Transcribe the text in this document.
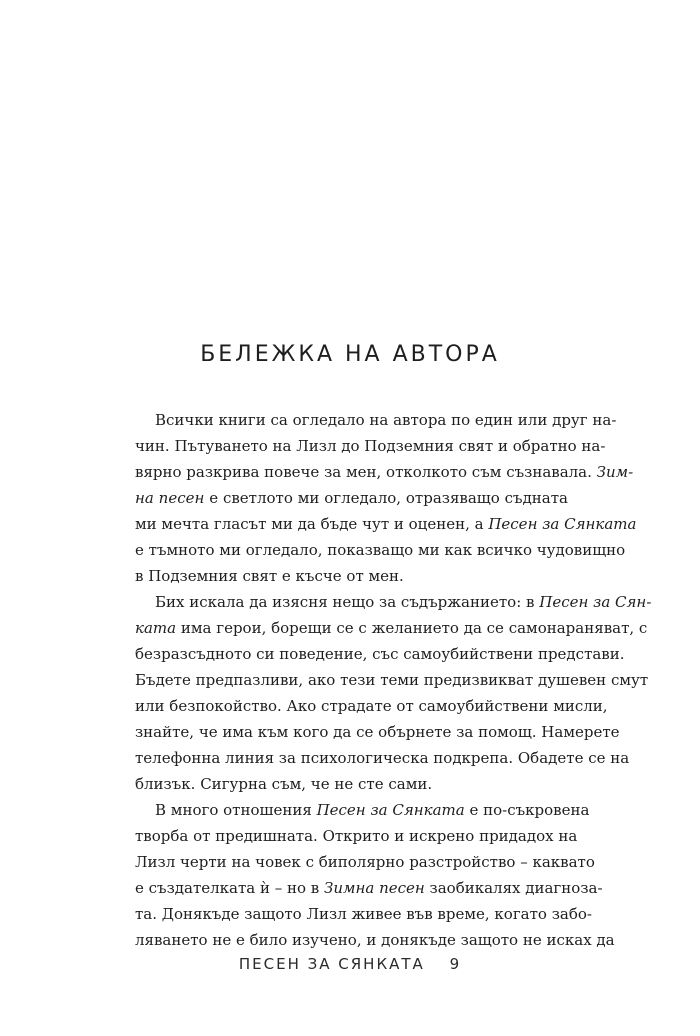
БЕЛЕЖКА НА АВТОРА
Всички книги са огледало на автора по един или друг на-
чин. Пътуването на Лизл до Подземния свят и обратно на-
вярно разкрива повече за мен, отколкото съм съзнавала. Зим-
на песен е светлото ми огледало, отразяващо съдната
ми мечта гласът ми да бъде чут и оценен, а Песен за Сянката
е тъмното ми огледало, показващо ми как всичко чудовищно
в Подземния свят е късче от мен.
Бих искала да изясня нещо за съдържанието: в Песен за Сян-
ката има герои, борещи се с желанието да се самонараняват, с
безразсъдното си поведение, със самоубийствени представи.
Бъдете предпазливи, ако тези теми предизвикват душевен смут
или безпокойство. Ако страдате от самоубийствени мисли,
знайте, че има към кого да се обърнете за помощ. Намерете
телефонна линия за психологическа подкрепа. Обадете се на
близък. Сигурна съм, че не сте сами.
В много отношения Песен за Сянката е по-съкровена
творба от предишната. Открито и искрено придадох на
Лизл черти на човек с биполярно разстройство – каквато
е създателката ѝ – но в Зимна песен заобикалях диагноза-
та. Донякъде защото Лизл живее във време, когато забо-
ляването не е било изучено, и донякъде защото не исках да
ПЕСЕН ЗА СЯНКАТА 9
